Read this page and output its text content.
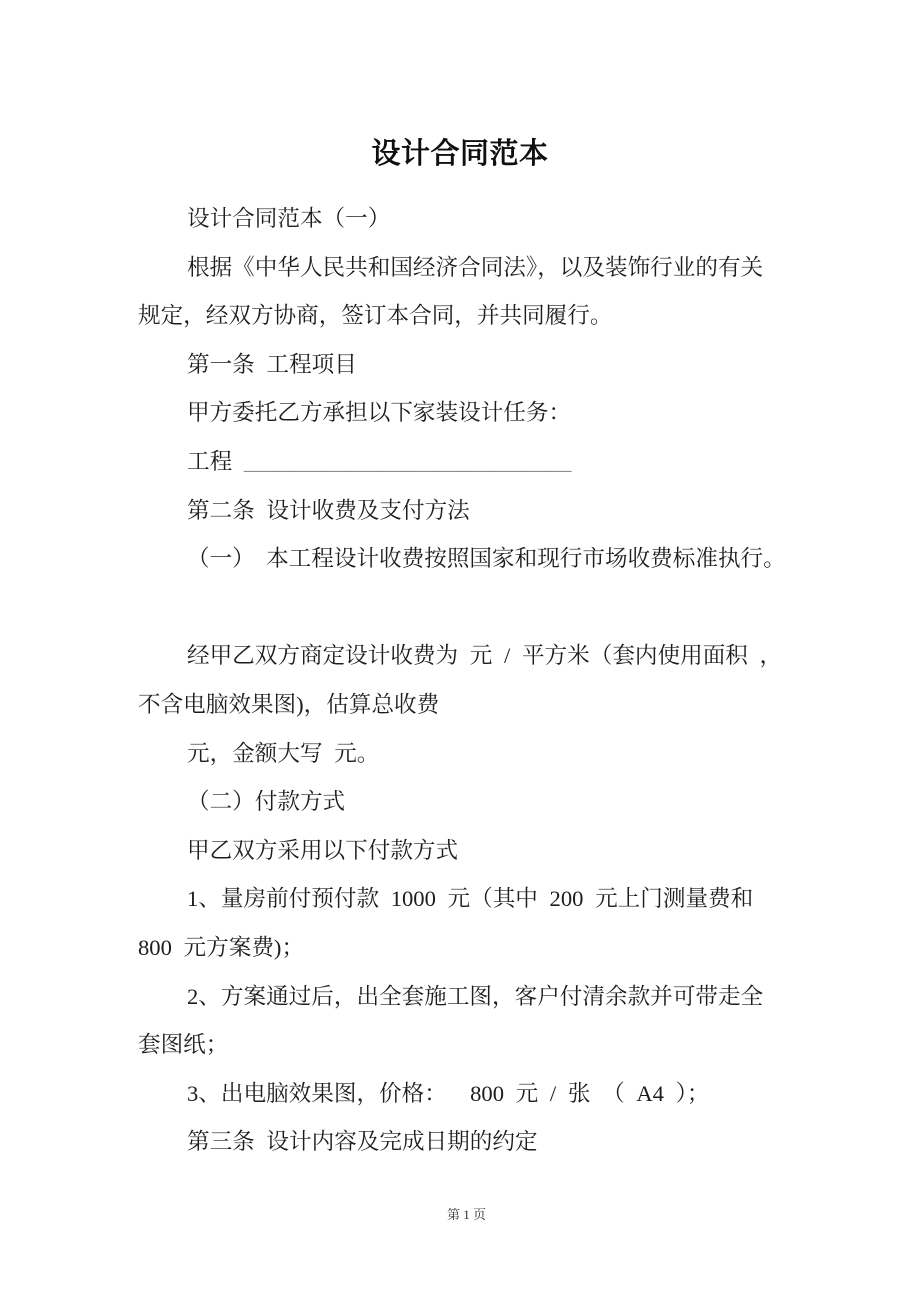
设计合同范本
设计合同范本（一）
根据《中华人民共和国经济合同法》，以及装饰行业的有关
规定，经双方协商，签订本合同，并共同履行。
第一条 工程项目
甲方委托乙方承担以下家装设计任务：
工程 _____________________________
第二条 设计收费及支付方法
（一）　本工程设计收费按照国家和现行市场收费标准执行。
经甲乙双方商定设计收费为 元 / 平方米（套内使用面积 ，
不含电脑效果图)，估算总收费
元，金额大写 元。
（二）付款方式
甲乙双方采用以下付款方式
1、量房前付预付款 1000 元（其中 200 元上门测量费和
800 元方案费)；
2、方案通过后，出全套施工图，客户付清余款并可带走全
套图纸；
3、出电脑效果图，价格：  800 元 / 张 （ A4 ）；
第三条 设计内容及完成日期的约定

第 1 页
